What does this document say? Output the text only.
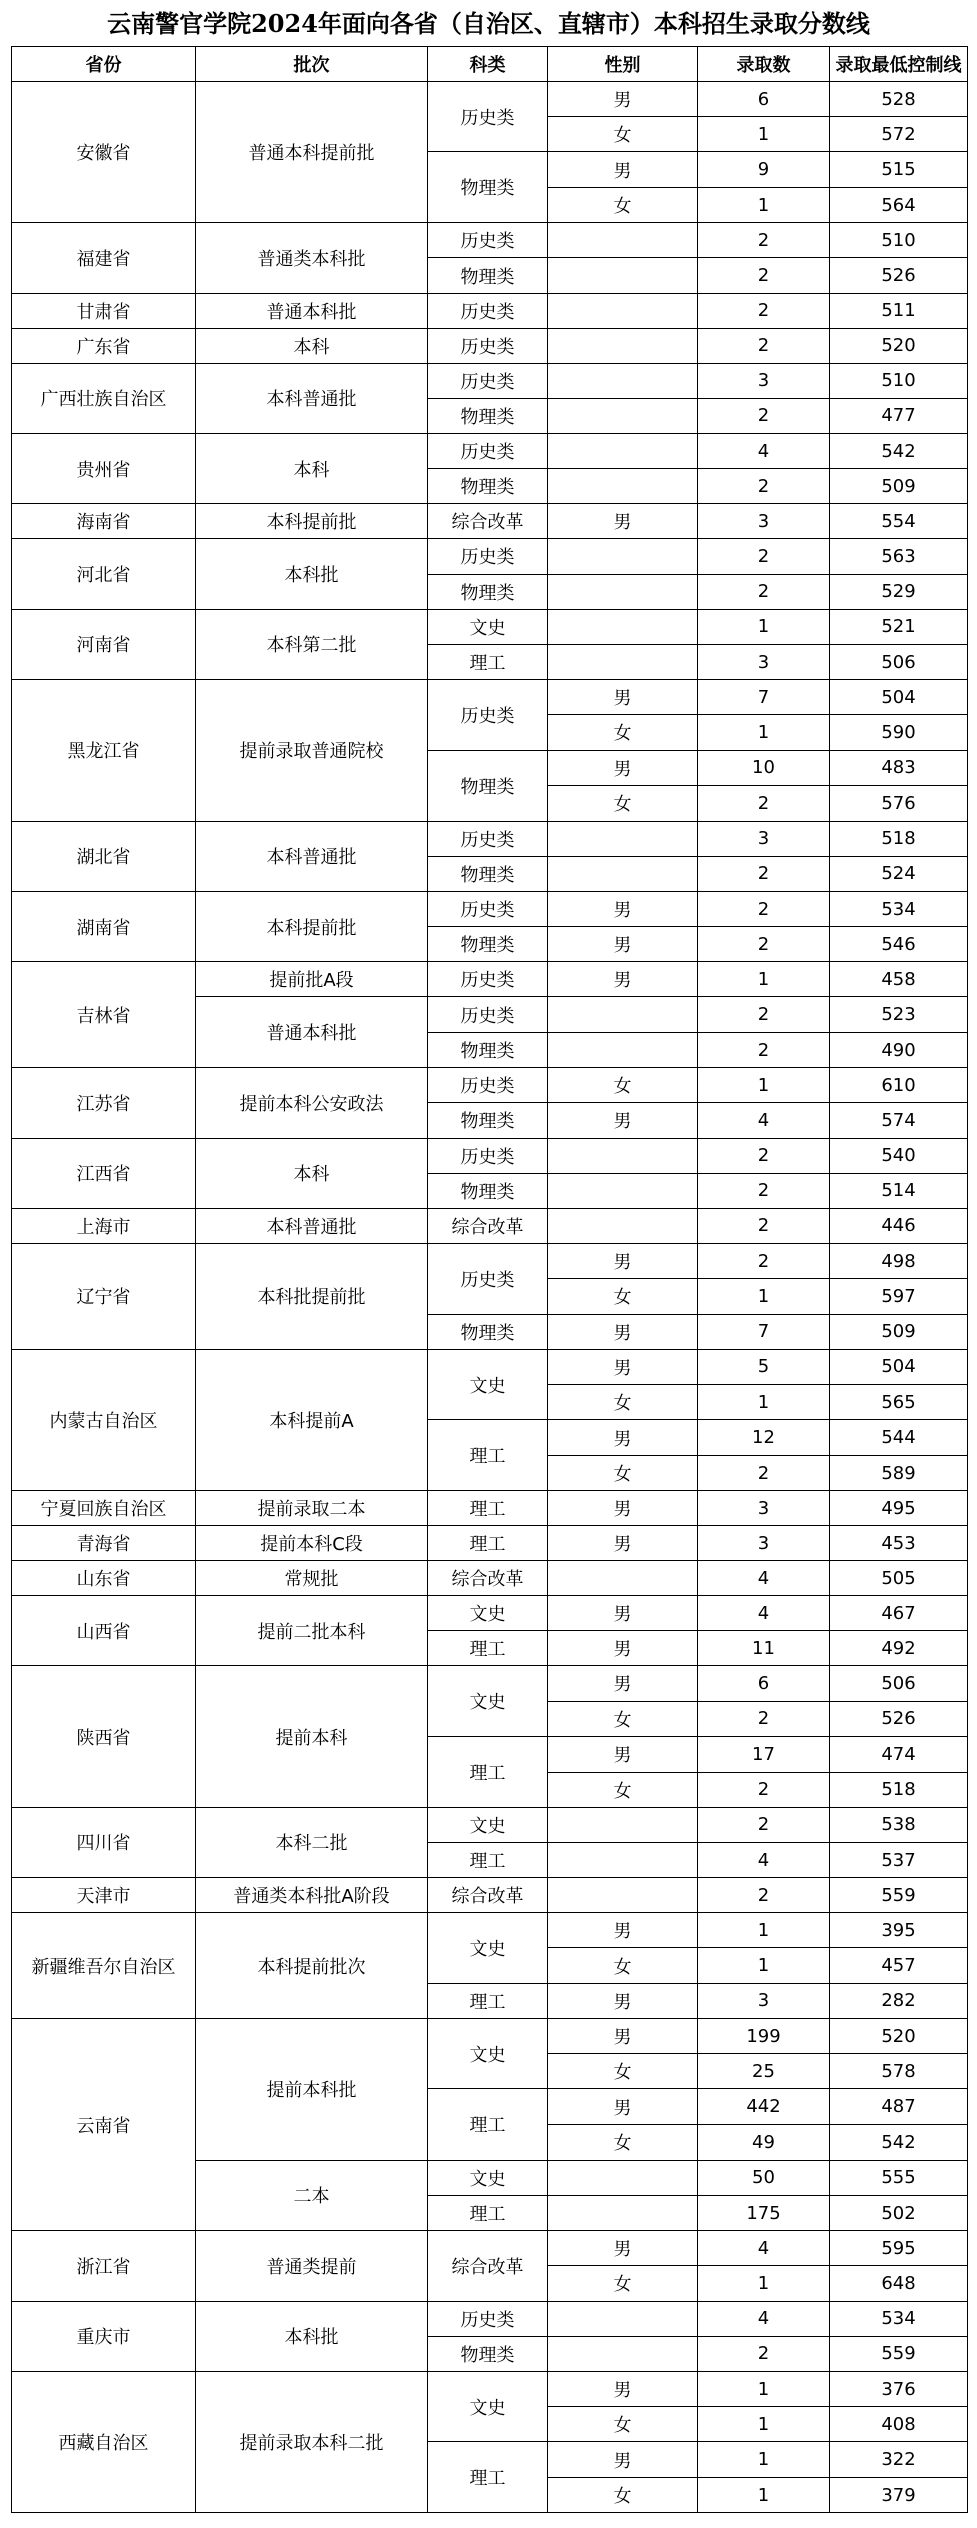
云南警官学院2024年面向各省（自治区、直辖市）本科招生录取分数线
省份	批次	科类	性别	录取数	录取最低控制线
安徽省	普通本科提前批	历史类	男	6	528
			女	1	572
		物理类	男	9	515
			女	1	564
福建省	普通类本科批	历史类		2	510
		物理类		2	526
甘肃省	普通本科批	历史类		2	511
广东省	本科	历史类		2	520
广西壮族自治区	本科普通批	历史类		3	510
		物理类		2	477
贵州省	本科	历史类		4	542
		物理类		2	509
海南省	本科提前批	综合改革	男	3	554
河北省	本科批	历史类		2	563
		物理类		2	529
河南省	本科第二批	文史		1	521
		理工		3	506
黑龙江省	提前录取普通院校	历史类	男	7	504
			女	1	590
		物理类	男	10	483
			女	2	576
湖北省	本科普通批	历史类		3	518
		物理类		2	524
湖南省	本科提前批	历史类	男	2	534
		物理类	男	2	546
吉林省	提前批A段	历史类	男	1	458
	普通本科批	历史类		2	523
		物理类		2	490
江苏省	提前本科公安政法	历史类	女	1	610
		物理类	男	4	574
江西省	本科	历史类		2	540
		物理类		2	514
上海市	本科普通批	综合改革		2	446
辽宁省	本科批提前批	历史类	男	2	498
			女	1	597
		物理类	男	7	509
内蒙古自治区	本科提前A	文史	男	5	504
			女	1	565
		理工	男	12	544
			女	2	589
宁夏回族自治区	提前录取二本	理工	男	3	495
青海省	提前本科C段	理工	男	3	453
山东省	常规批	综合改革		4	505
山西省	提前二批本科	文史	男	4	467
		理工	男	11	492
陕西省	提前本科	文史	男	6	506
			女	2	526
		理工	男	17	474
			女	2	518
四川省	本科二批	文史		2	538
		理工		4	537
天津市	普通类本科批A阶段	综合改革		2	559
新疆维吾尔自治区	本科提前批次	文史	男	1	395
			女	1	457
		理工	男	3	282
云南省	提前本科批	文史	男	199	520
			女	25	578
		理工	男	442	487
			女	49	542
	二本	文史		50	555
		理工		175	502
浙江省	普通类提前	综合改革	男	4	595
			女	1	648
重庆市	本科批	历史类		4	534
		物理类		2	559
西藏自治区	提前录取本科二批	文史	男	1	376
			女	1	408
		理工	男	1	322
			女	1	379
